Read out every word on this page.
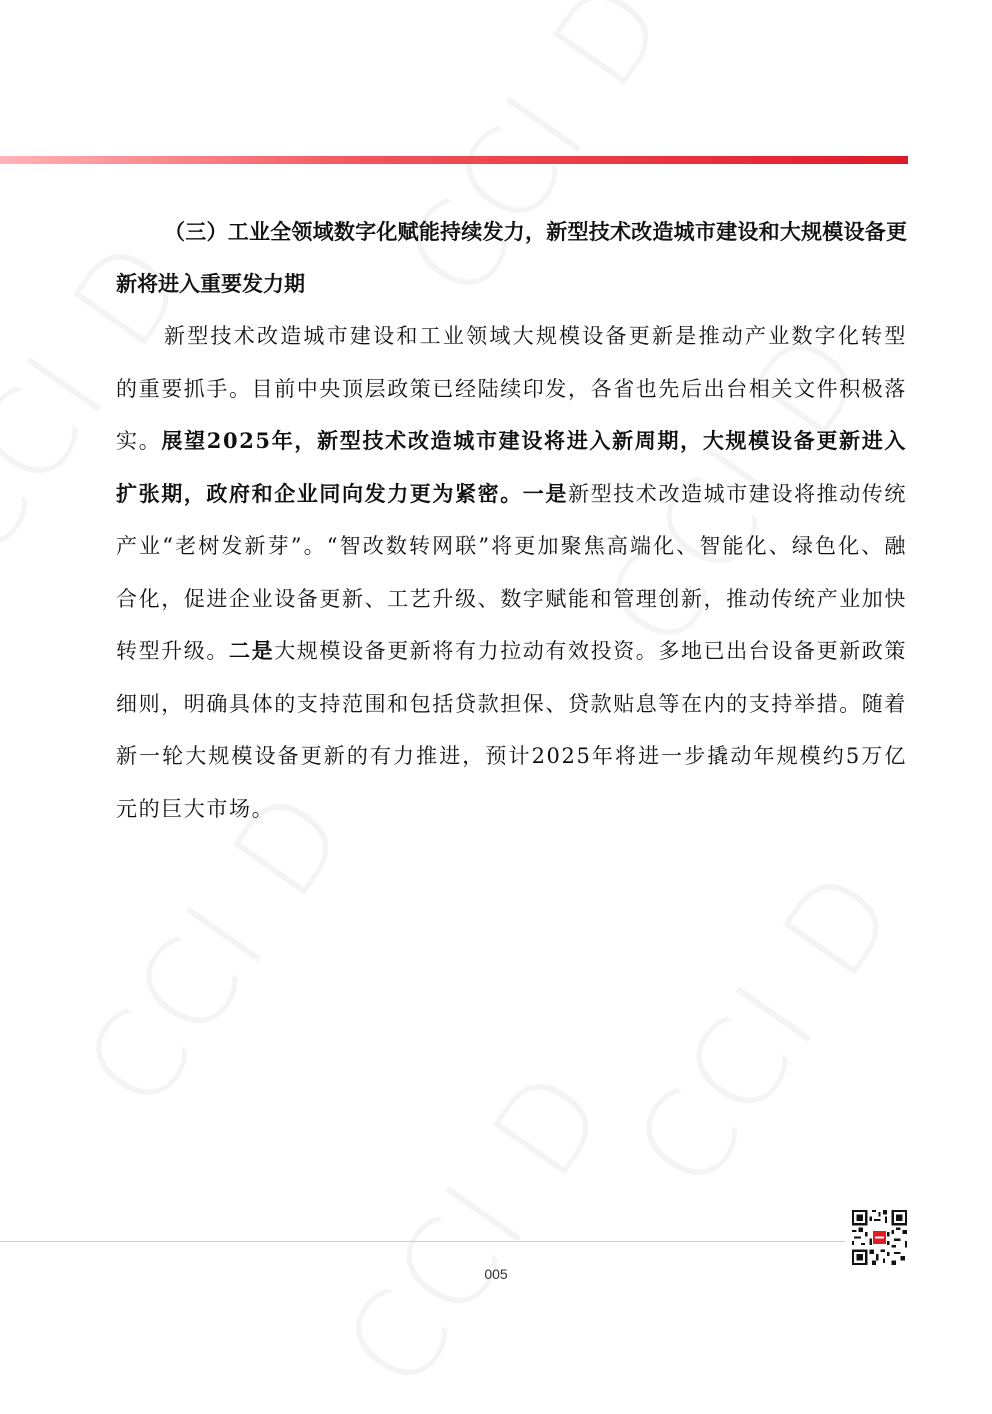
（三）工业全领域数字化赋能持续发力，新型技术改造城市建设和大规模设备更新将进入重要发力期

新型技术改造城市建设和工业领域大规模设备更新是推动产业数字化转型的重要抓手。目前中央顶层政策已经陆续印发，各省也先后出台相关文件积极落实。展望2025年，新型技术改造城市建设将进入新周期，大规模设备更新进入扩张期，政府和企业同向发力更为紧密。一是新型技术改造城市建设将推动传统产业“老树发新芽”。“智改数转网联”将更加聚焦高端化、智能化、绿色化、融合化，促进企业设备更新、工艺升级、数字赋能和管理创新，推动传统产业加快转型升级。二是大规模设备更新将有力拉动有效投资。多地已出台设备更新政策细则，明确具体的支持范围和包括贷款担保、贷款贴息等在内的支持举措。随着新一轮大规模设备更新的有力推进，预计2025年将进一步撬动年规模约5万亿元的巨大市场。

005
